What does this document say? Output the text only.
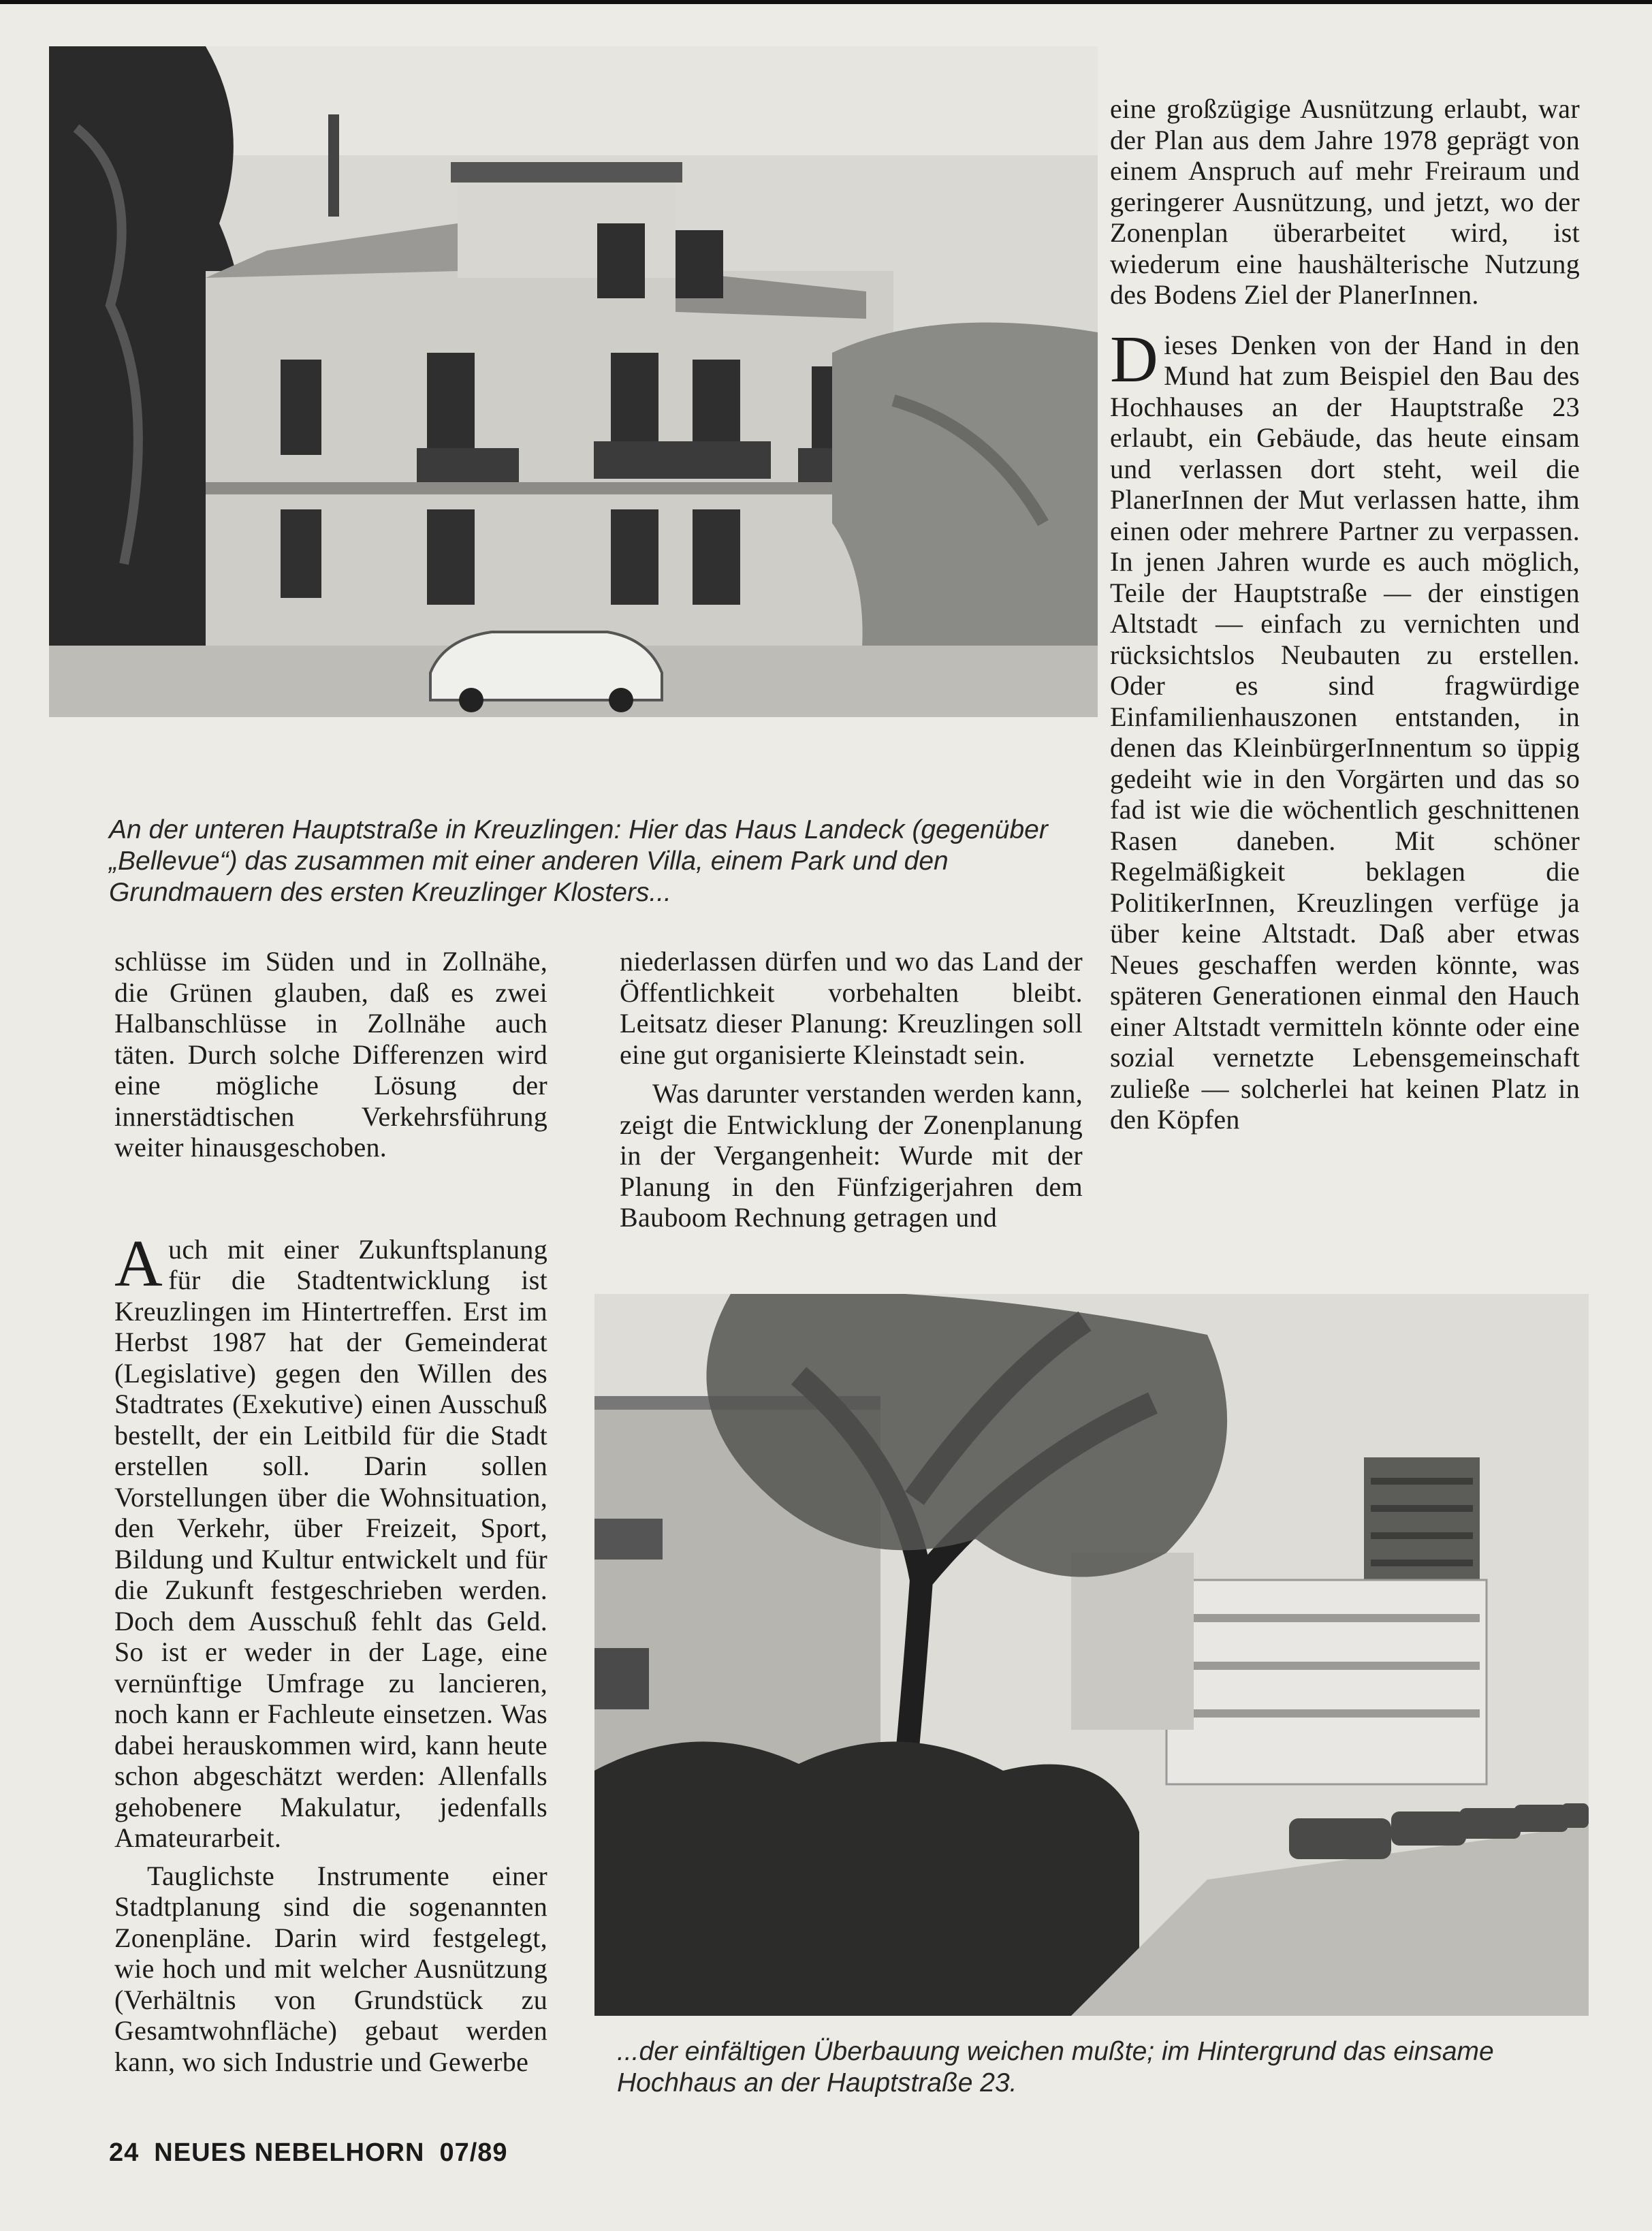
An der unteren Hauptstraße in Kreuzlingen: Hier das Haus Landeck (gegenüber „Bellevue“) das zusammen mit einer anderen Villa, einem Park und den Grundmauern des ersten Kreuzlinger Klosters...

eine großzügige Ausnützung erlaubt, war der Plan aus dem Jahre 1978 geprägt von einem Anspruch auf mehr Freiraum und geringerer Ausnützung, und jetzt, wo der Zonenplan überarbeitet wird, ist wiederum eine haushälterische Nutzung des Bodens Ziel der PlanerInnen.

Dieses Denken von der Hand in den Mund hat zum Beispiel den Bau des Hochhauses an der Hauptstraße 23 erlaubt, ein Gebäude, das heute einsam und verlassen dort steht, weil die PlanerInnen der Mut verlassen hatte, ihm einen oder mehrere Partner zu verpassen. In jenen Jahren wurde es auch möglich, Teile der Hauptstraße — der einstigen Altstadt — einfach zu vernichten und rücksichtslos Neubauten zu erstellen. Oder es sind fragwürdige Einfamilienhauszonen entstanden, in denen das KleinbürgerInnentum so üppig gedeiht wie in den Vorgärten und das so fad ist wie die wöchentlich geschnittenen Rasen daneben. Mit schöner Regelmäßigkeit beklagen die PolitikerInnen, Kreuzlingen verfüge ja über keine Altstadt. Daß aber etwas Neues geschaffen werden könnte, was späteren Generationen einmal den Hauch einer Altstadt vermitteln könnte oder eine sozial vernetzte Lebensgemeinschaft zuließe — solcherlei hat keinen Platz in den Köpfen

schlüsse im Süden und in Zollnähe, die Grünen glauben, daß es zwei Halbanschlüsse in Zollnähe auch täten. Durch solche Differenzen wird eine mögliche Lösung der innerstädtischen Verkehrsführung weiter hinausgeschoben.

Auch mit einer Zukunftsplanung für die Stadtentwicklung ist Kreuzlingen im Hintertreffen. Erst im Herbst 1987 hat der Gemeinderat (Legislative) gegen den Willen des Stadtrates (Exekutive) einen Ausschuß bestellt, der ein Leitbild für die Stadt erstellen soll. Darin sollen Vorstellungen über die Wohnsituation, den Verkehr, über Freizeit, Sport, Bildung und Kultur entwickelt und für die Zukunft festgeschrieben werden. Doch dem Ausschuß fehlt das Geld. So ist er weder in der Lage, eine vernünftige Umfrage zu lancieren, noch kann er Fachleute einsetzen. Was dabei herauskommen wird, kann heute schon abgeschätzt werden: Allenfalls gehobenere Makulatur, jedenfalls Amateurarbeit.

Tauglichste Instrumente einer Stadtplanung sind die sogenannten Zonenpläne. Darin wird festgelegt, wie hoch und mit welcher Ausnützung (Verhältnis von Grundstück zu Gesamtwohnfläche) gebaut werden kann, wo sich Industrie und Gewerbe

niederlassen dürfen und wo das Land der Öffentlichkeit vorbehalten bleibt. Leitsatz dieser Planung: Kreuzlingen soll eine gut organisierte Kleinstadt sein.

Was darunter verstanden werden kann, zeigt die Entwicklung der Zonenplanung in der Vergangenheit: Wurde mit der Planung in den Fünfzigerjahren dem Bauboom Rechnung getragen und

...der einfältigen Überbauung weichen mußte; im Hintergrund das einsame Hochhaus an der Hauptstraße 23.

24 NEUES NEBELHORN 07/89
